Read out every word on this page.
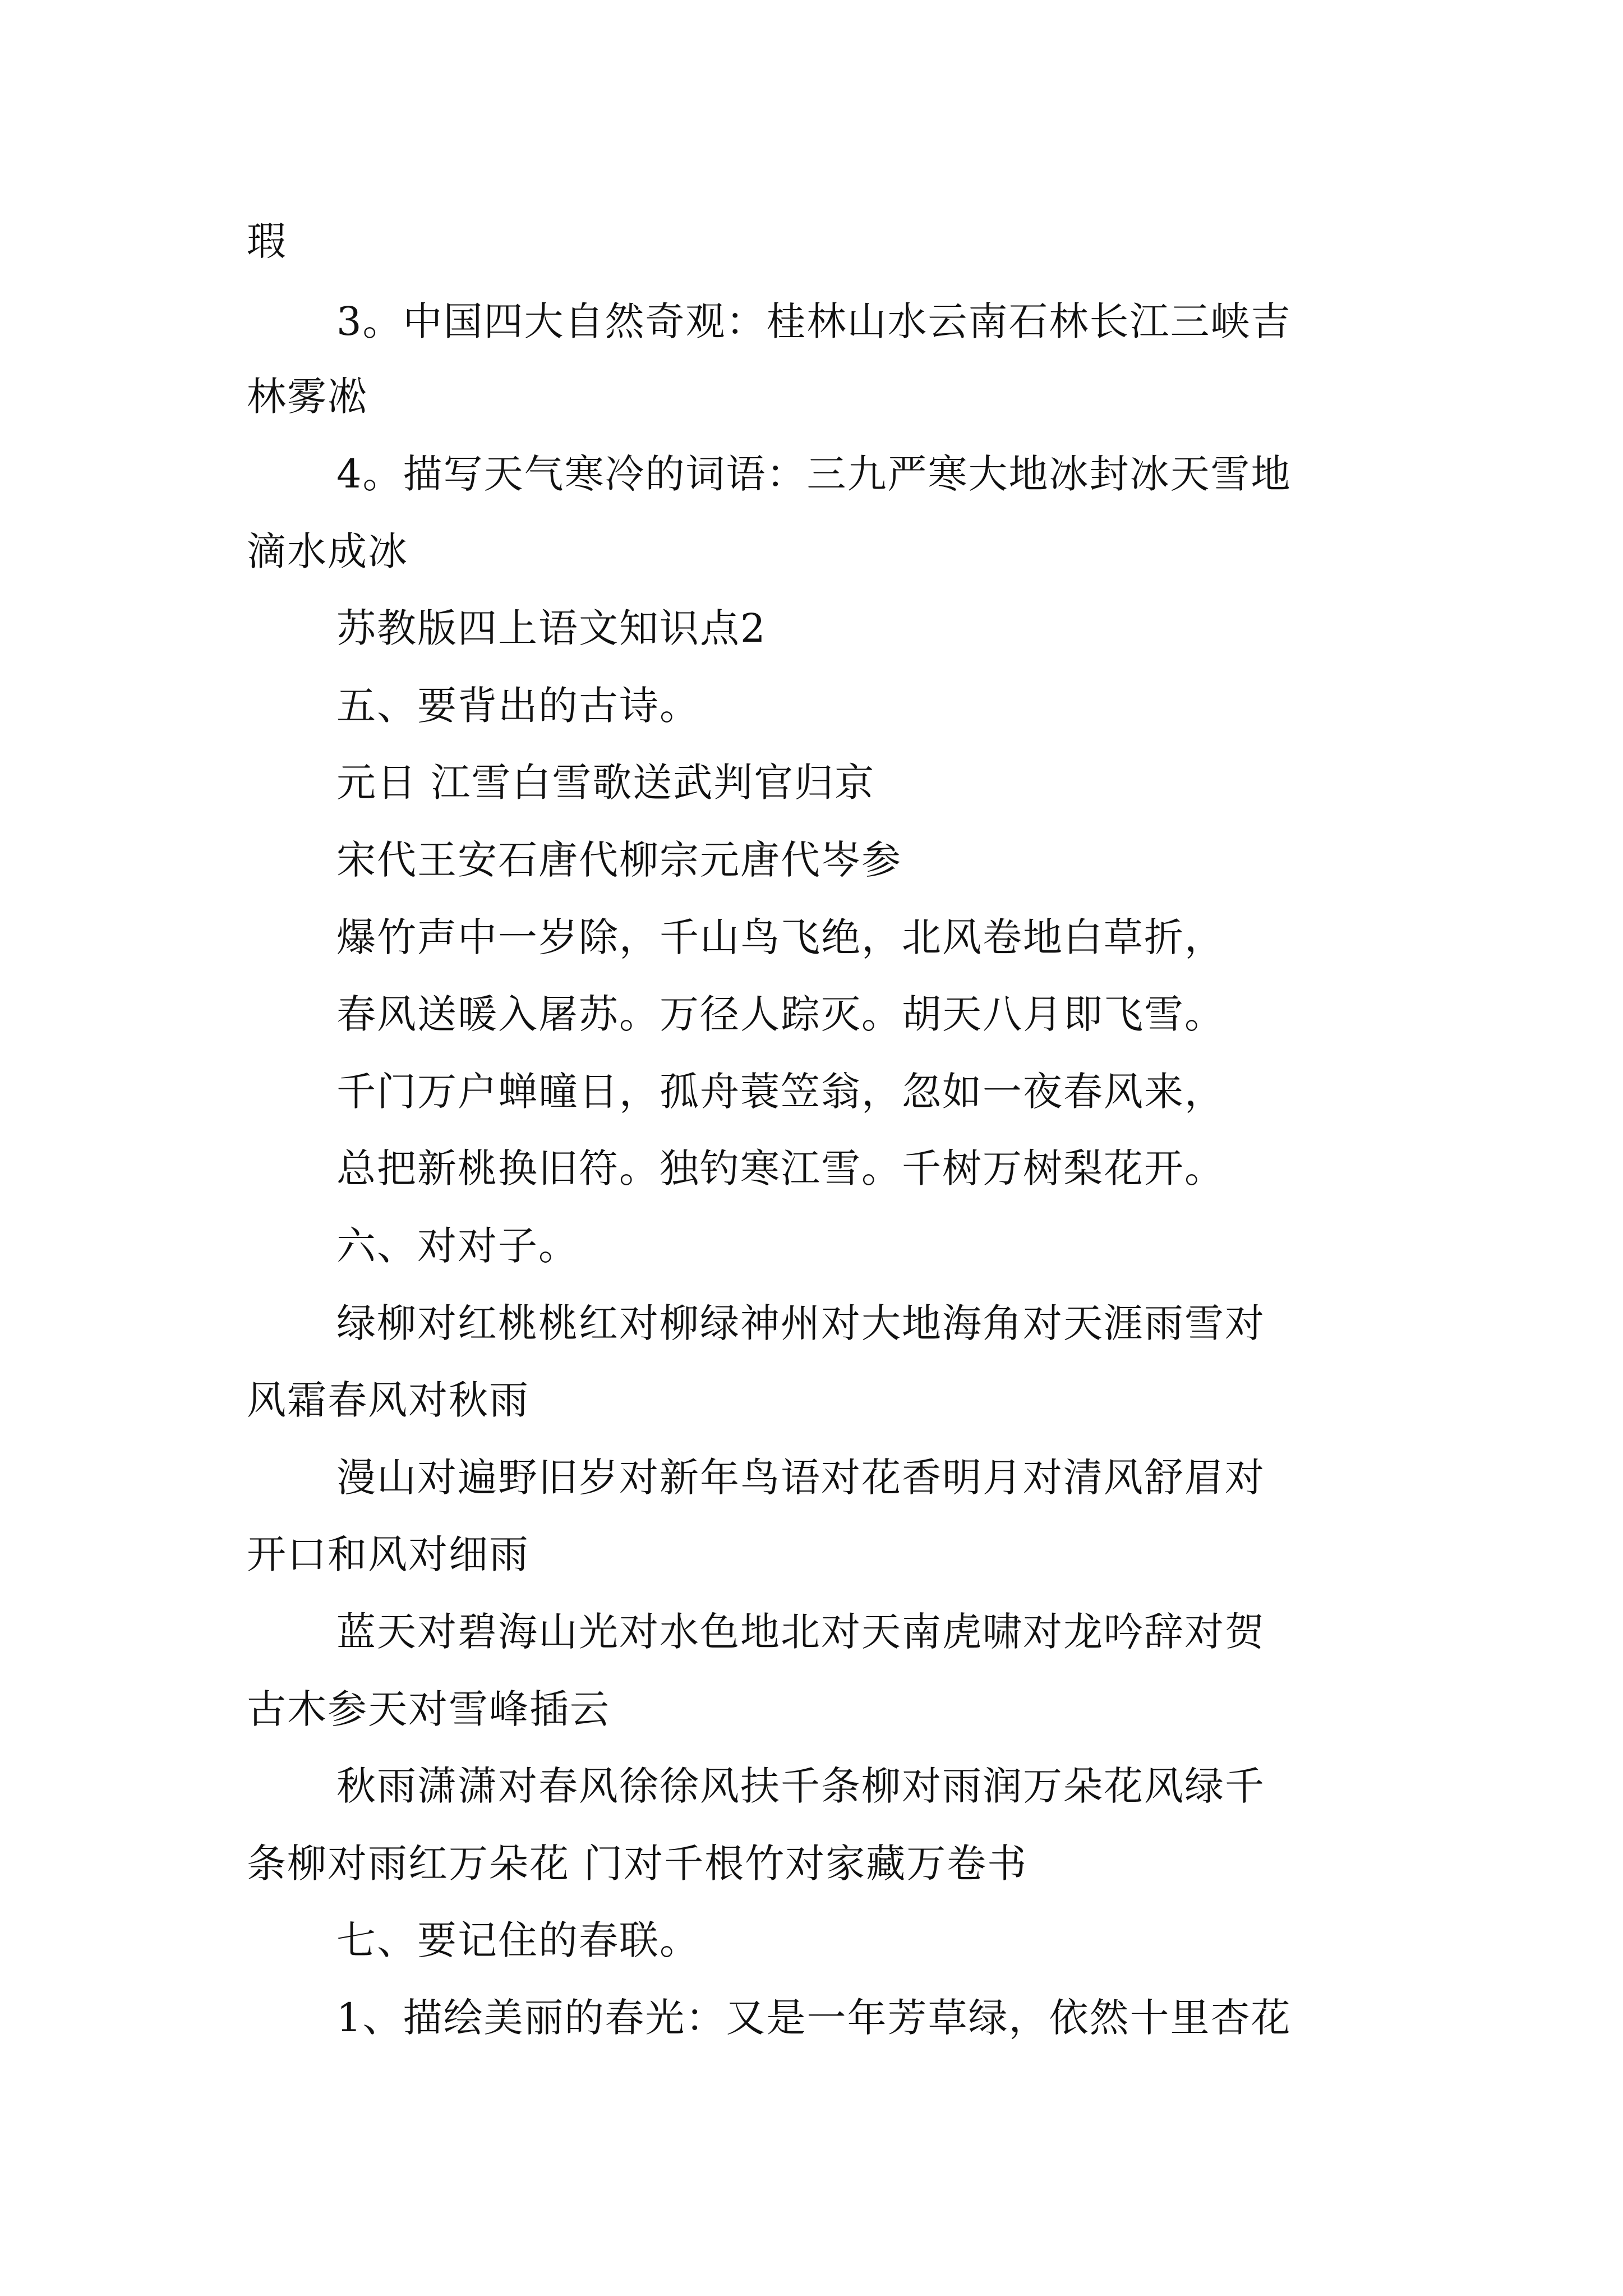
瑕
3。中国四大自然奇观：桂林山水云南石林长江三峡吉
林雾凇
4。描写天气寒冷的词语：三九严寒大地冰封冰天雪地
滴水成冰
苏教版四上语文知识点2
五、要背出的古诗。
元日 江雪白雪歌送武判官归京
宋代王安石唐代柳宗元唐代岑参
爆竹声中一岁除，千山鸟飞绝，北风卷地白草折，
春风送暖入屠苏。万径人踪灭。胡天八月即飞雪。
千门万户蝉曈日，孤舟蓑笠翁，忽如一夜春风来，
总把新桃换旧符。独钓寒江雪。千树万树梨花开。
六、对对子。
绿柳对红桃桃红对柳绿神州对大地海角对天涯雨雪对
风霜春风对秋雨
漫山对遍野旧岁对新年鸟语对花香明月对清风舒眉对
开口和风对细雨
蓝天对碧海山光对水色地北对天南虎啸对龙吟辞对贺
古木参天对雪峰插云
秋雨潇潇对春风徐徐风扶千条柳对雨润万朵花风绿千
条柳对雨红万朵花 门对千根竹对家藏万卷书
七、要记住的春联。
1、描绘美丽的春光：又是一年芳草绿，依然十里杏花
